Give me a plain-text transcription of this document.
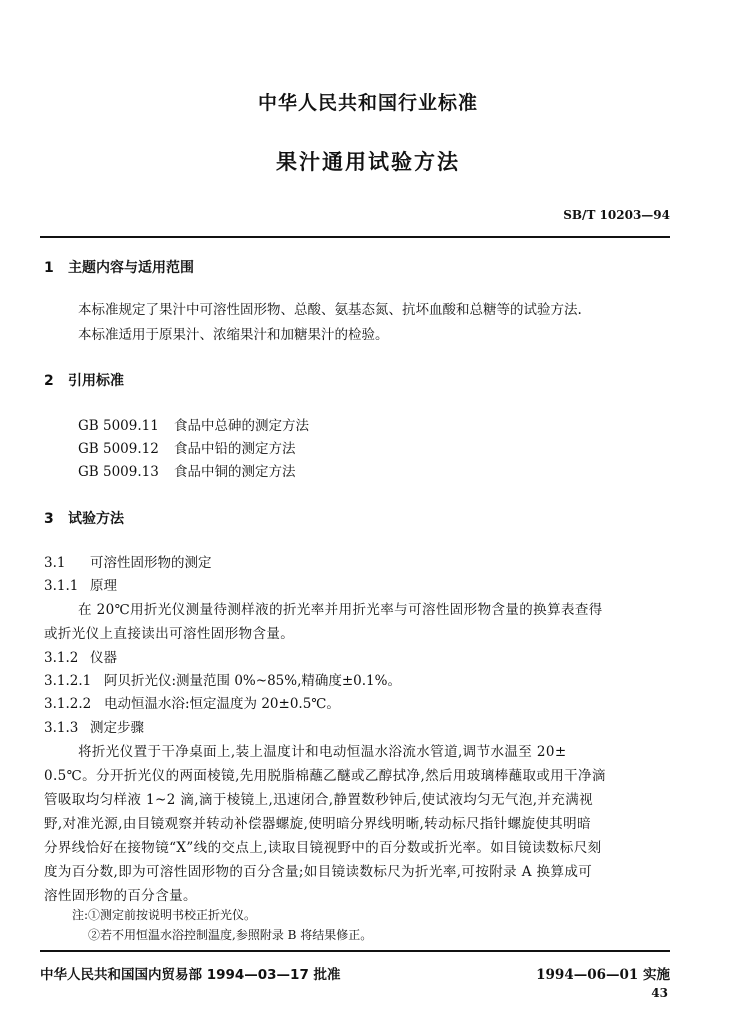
中华人民共和国行业标准
果汁通用试验方法
SB/T 10203—94
1 主题内容与适用范围
本标准规定了果汁中可溶性固形物、总酸、氨基态氮、抗坏血酸和总糖等的试验方法.
本标准适用于原果汁、浓缩果汁和加糖果汁的检验。
2 引用标准
GB 5009.11 食品中总砷的测定方法
GB 5009.12 食品中铅的测定方法
GB 5009.13 食品中铜的测定方法
3 试验方法
3.1 可溶性固形物的测定
3.1.1 原理
在 20℃用折光仪测量待测样液的折光率并用折光率与可溶性固形物含量的换算表查得
或折光仪上直接读出可溶性固形物含量。
3.1.2 仪器
3.1.2.1 阿贝折光仪:测量范围 0%~85%,精确度±0.1%。
3.1.2.2 电动恒温水浴:恒定温度为 20±0.5℃。
3.1.3 测定步骤
将折光仪置于干净桌面上,装上温度计和电动恒温水浴流水管道,调节水温至 20±
0.5℃。分开折光仪的两面棱镜,先用脱脂棉蘸乙醚或乙醇拭净,然后用玻璃棒蘸取或用干净滴
管吸取均匀样液 1~2 滴,滴于棱镜上,迅速闭合,静置数秒钟后,使试液均匀无气泡,并充满视
野,对准光源,由目镜观察并转动补偿器螺旋,使明暗分界线明晰,转动标尺指针螺旋使其明暗
分界线恰好在接物镜“X”线的交点上,读取目镜视野中的百分数或折光率。如目镜读数标尺刻
度为百分数,即为可溶性固形物的百分含量;如目镜读数标尺为折光率,可按附录 A 换算成可
溶性固形物的百分含量。
注:①测定前按说明书校正折光仪。
②若不用恒温水浴控制温度,参照附录 B 将结果修正。
中华人民共和国国内贸易部 1994—03—17 批准	1994—06—01 实施
43
